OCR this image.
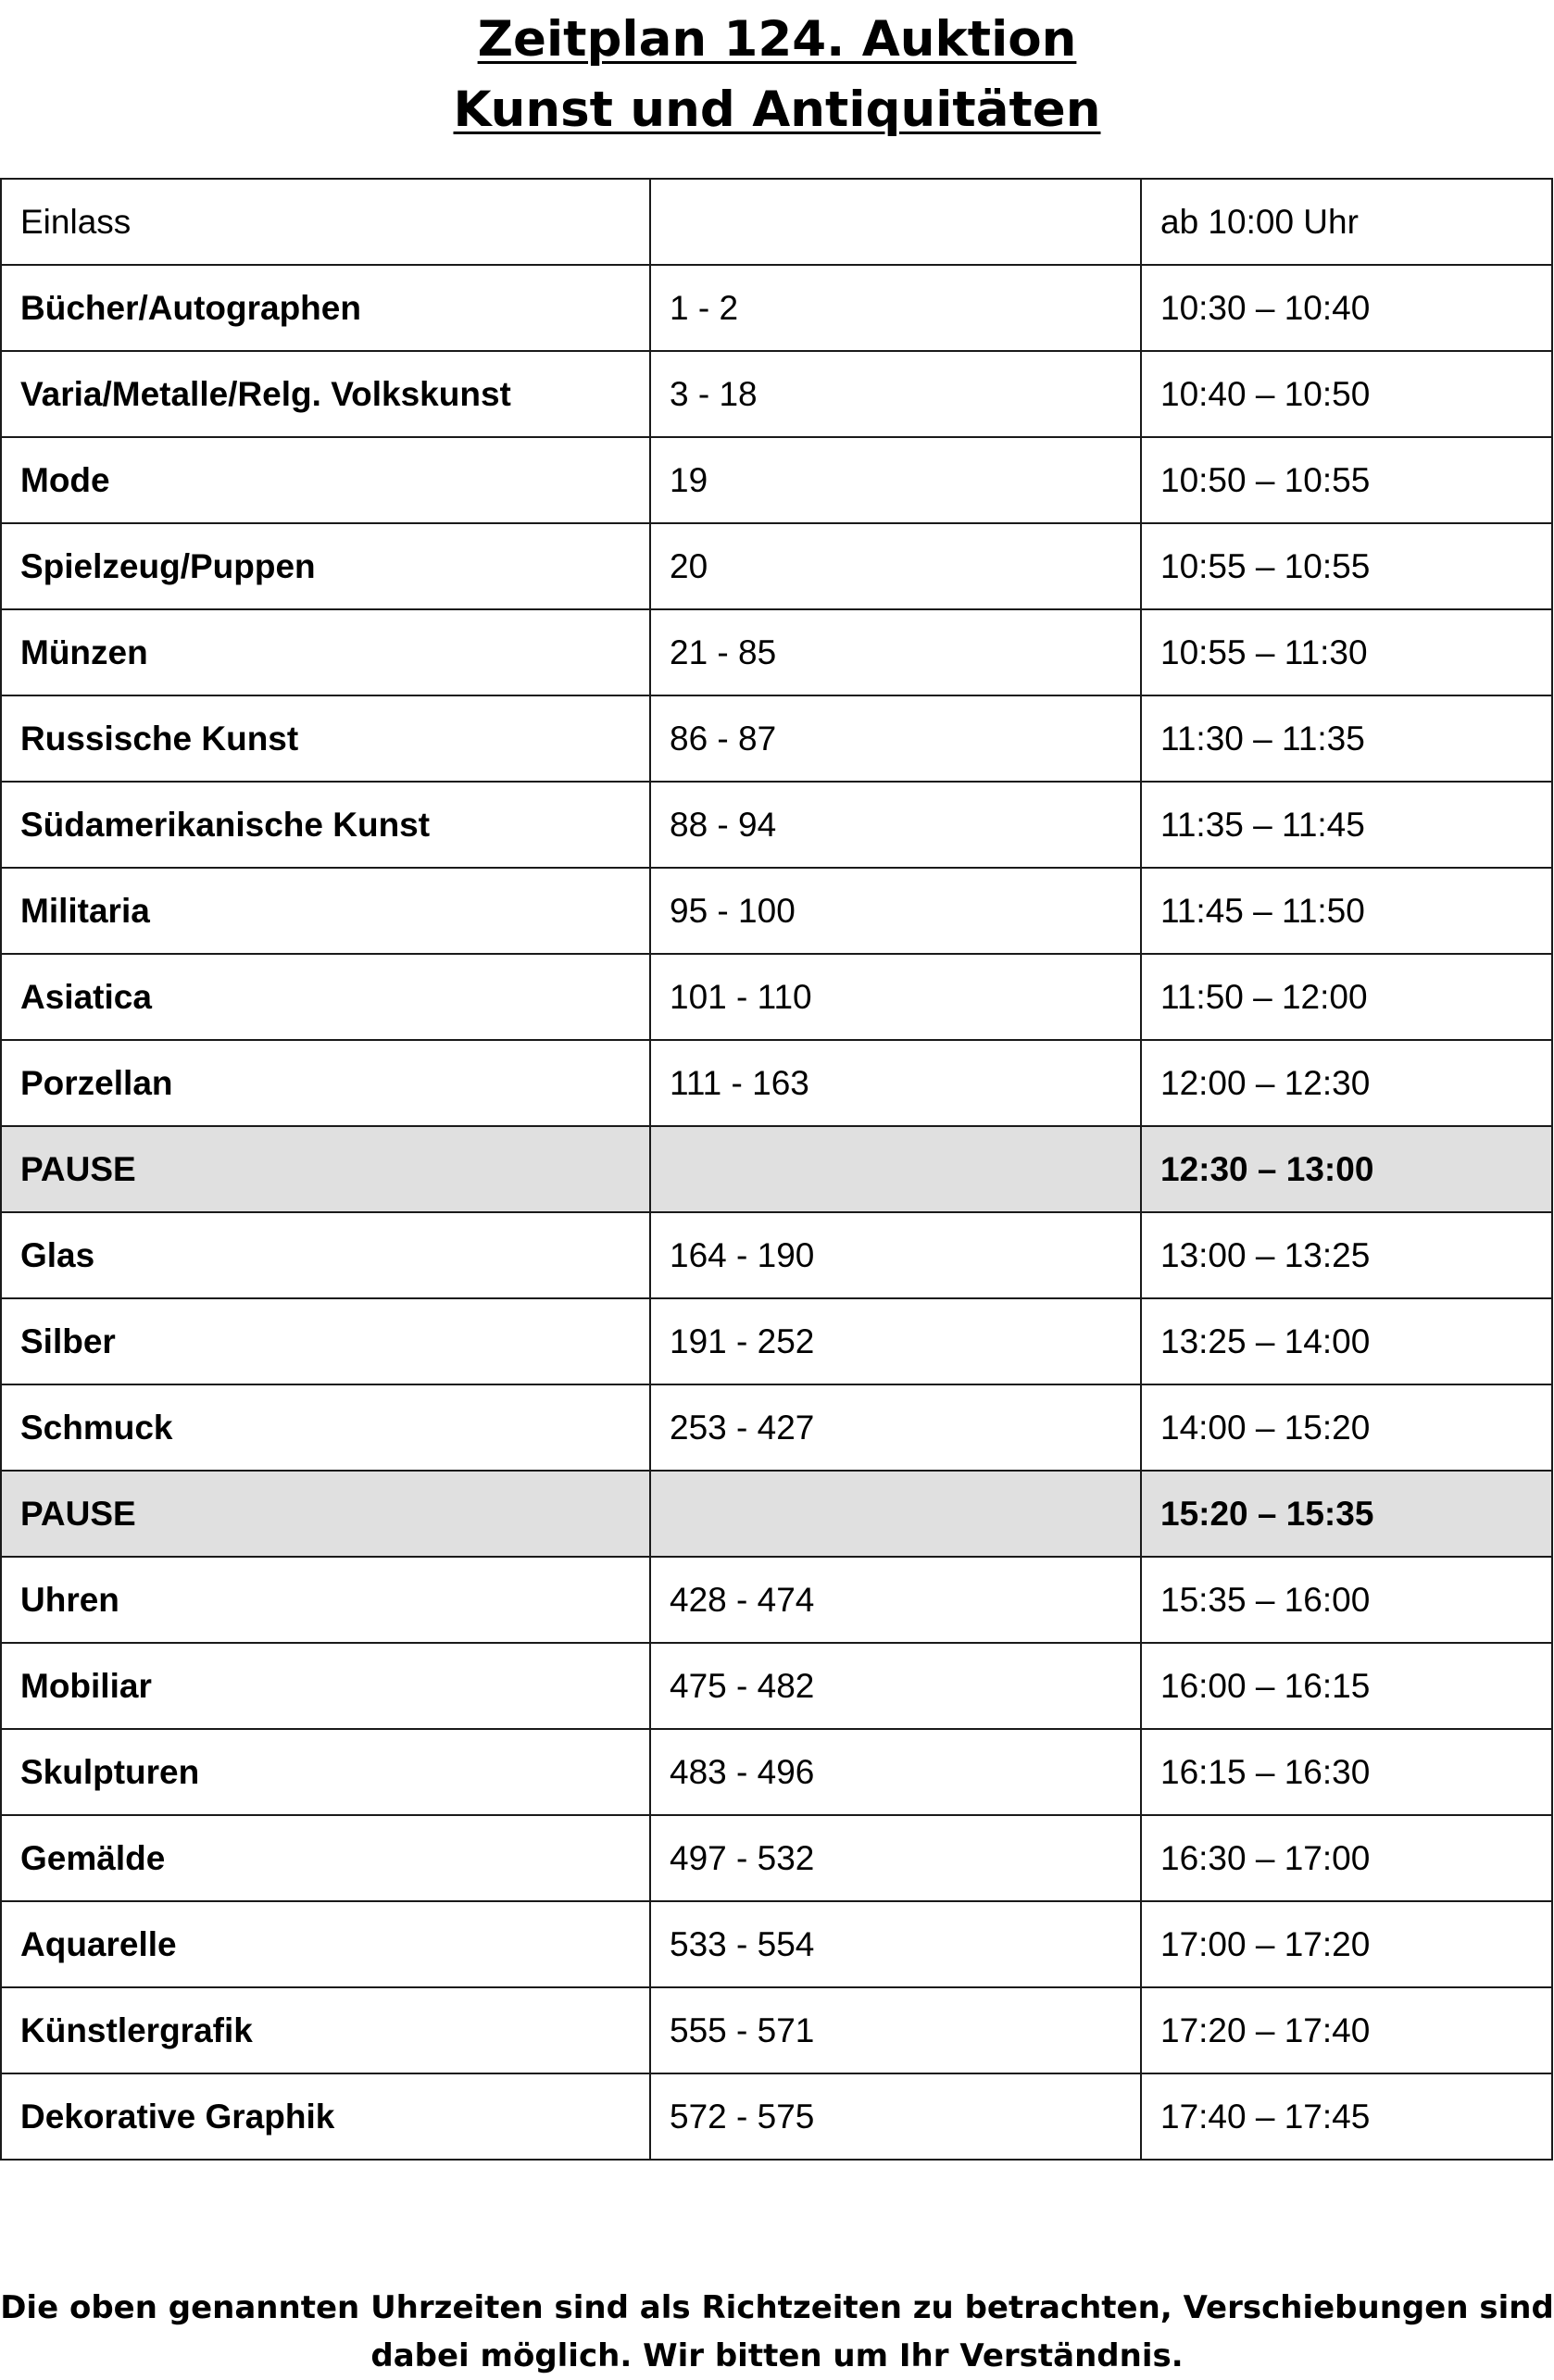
Zeitplan 124. Auktion
Kunst und Antiquitäten
Einlass		ab 10:00 Uhr
Bücher/Autographen	1 - 2	10:30 – 10:40
Varia/Metalle/Relg. Volkskunst	3 - 18	10:40 – 10:50
Mode	19	10:50 – 10:55
Spielzeug/Puppen	20	10:55 – 10:55
Münzen	21 - 85	10:55 – 11:30
Russische Kunst	86 - 87	11:30 – 11:35
Südamerikanische Kunst	88 - 94	11:35 – 11:45
Militaria	95 - 100	11:45 – 11:50
Asiatica	101 - 110	11:50 – 12:00
Porzellan	111 - 163	12:00 – 12:30
PAUSE		12:30 – 13:00
Glas	164 - 190	13:00 – 13:25
Silber	191 - 252	13:25 – 14:00
Schmuck	253 - 427	14:00 – 15:20
PAUSE		15:20 – 15:35
Uhren	428 - 474	15:35 – 16:00
Mobiliar	475 - 482	16:00 – 16:15
Skulpturen	483 - 496	16:15 – 16:30
Gemälde	497 - 532	16:30 – 17:00
Aquarelle	533 - 554	17:00 – 17:20
Künstlergrafik	555 - 571	17:20 – 17:40
Dekorative Graphik	572 - 575	17:40 – 17:45
Die oben genannten Uhrzeiten sind als Richtzeiten zu betrachten, Verschiebungen sind
dabei möglich. Wir bitten um Ihr Verständnis.
